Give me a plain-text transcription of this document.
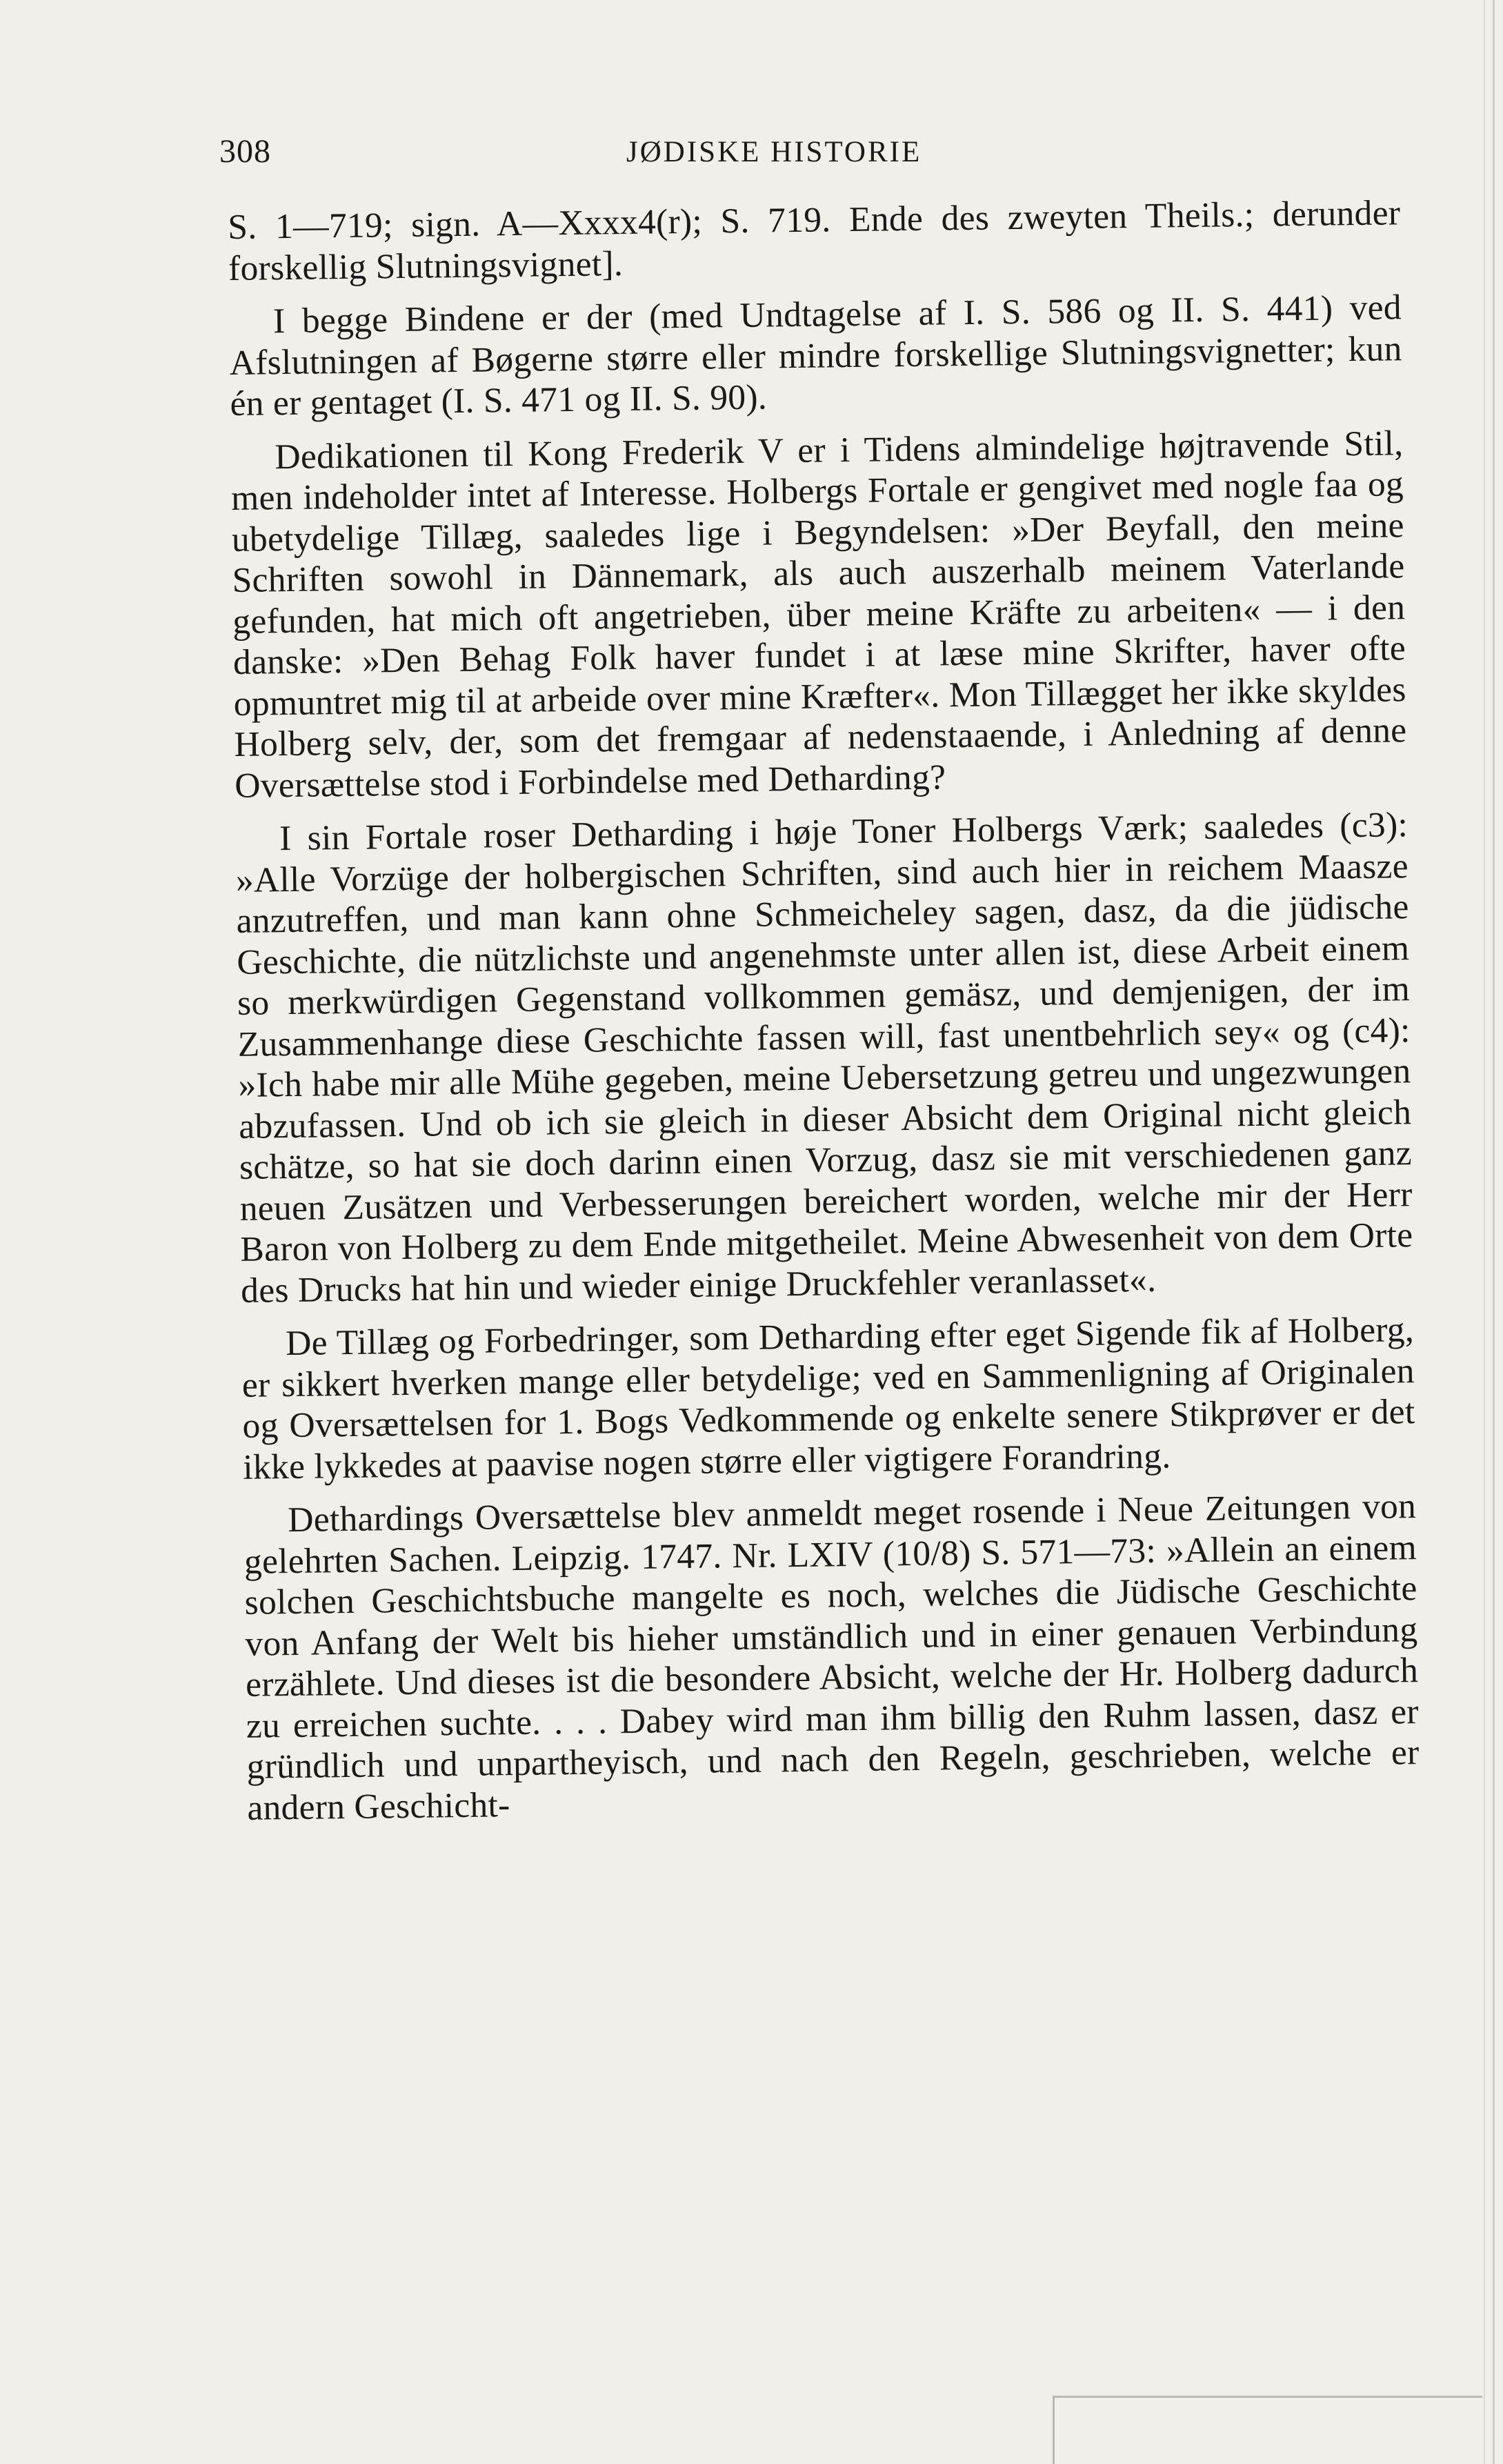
308	JØDISKE HISTORIE

S. 1—719; sign. A—Xxxx4(r); S. 719. Ende des zweyten Theils.; derunder forskellig Slutningsvignet].

I begge Bindene er der (med Undtagelse af I. S. 586 og II. S. 441) ved Afslutningen af Bøgerne større eller mindre forskellige Slutningsvignetter; kun én er gentaget (I. S. 471 og II. S. 90).

Dedikationen til Kong Frederik V er i Tidens almindelige højtravende Stil, men indeholder intet af Interesse. Holbergs Fortale er gengivet med nogle faa og ubetydelige Tillæg, saaledes lige i Begyndelsen: »Der Beyfall, den meine Schriften sowohl in Dännemark, als auch auszerhalb meinem Vaterlande gefunden, hat mich oft angetrieben, über meine Kräfte zu arbeiten« — i den danske: »Den Behag Folk haver fundet i at læse mine Skrifter, haver ofte opmuntret mig til at arbeide over mine Kræfter«. Mon Tillægget her ikke skyldes Holberg selv, der, som det fremgaar af nedenstaaende, i Anledning af denne Oversættelse stod i Forbindelse med Detharding?

I sin Fortale roser Detharding i høje Toner Holbergs Værk; saaledes (c3): »Alle Vorzüge der holbergischen Schriften, sind auch hier in reichem Maasze anzutreffen, und man kann ohne Schmeicheley sagen, dasz, da die jüdische Geschichte, die nützlichste und angenehmste unter allen ist, diese Arbeit einem so merkwürdigen Gegenstand vollkommen gemäsz, und demjenigen, der im Zusammenhange diese Geschichte fassen will, fast unentbehrlich sey« og (c4): »Ich habe mir alle Mühe gegeben, meine Uebersetzung getreu und ungezwungen abzufassen. Und ob ich sie gleich in dieser Absicht dem Original nicht gleich schätze, so hat sie doch darinn einen Vorzug, dasz sie mit verschiedenen ganz neuen Zusätzen und Verbesserungen bereichert worden, welche mir der Herr Baron von Holberg zu dem Ende mitgetheilet. Meine Abwesenheit von dem Orte des Drucks hat hin und wieder einige Druckfehler veranlasset«.

De Tillæg og Forbedringer, som Detharding efter eget Sigende fik af Holberg, er sikkert hverken mange eller betydelige; ved en Sammenligning af Originalen og Oversættelsen for 1. Bogs Vedkommende og enkelte senere Stikprøver er det ikke lykkedes at paavise nogen større eller vigtigere Forandring.

Dethardings Oversættelse blev anmeldt meget rosende i Neue Zeitungen von gelehrten Sachen. Leipzig. 1747. Nr. LXIV (10/8) S. 571—73: »Allein an einem solchen Geschichtsbuche mangelte es noch, welches die Jüdische Geschichte von Anfang der Welt bis hieher umständlich und in einer genauen Verbindung erzählete. Und dieses ist die besondere Absicht, welche der Hr. Holberg dadurch zu erreichen suchte. . . . Dabey wird man ihm billig den Ruhm lassen, dasz er gründlich und unpartheyisch, und nach den Regeln, geschrieben, welche er andern Geschicht-
